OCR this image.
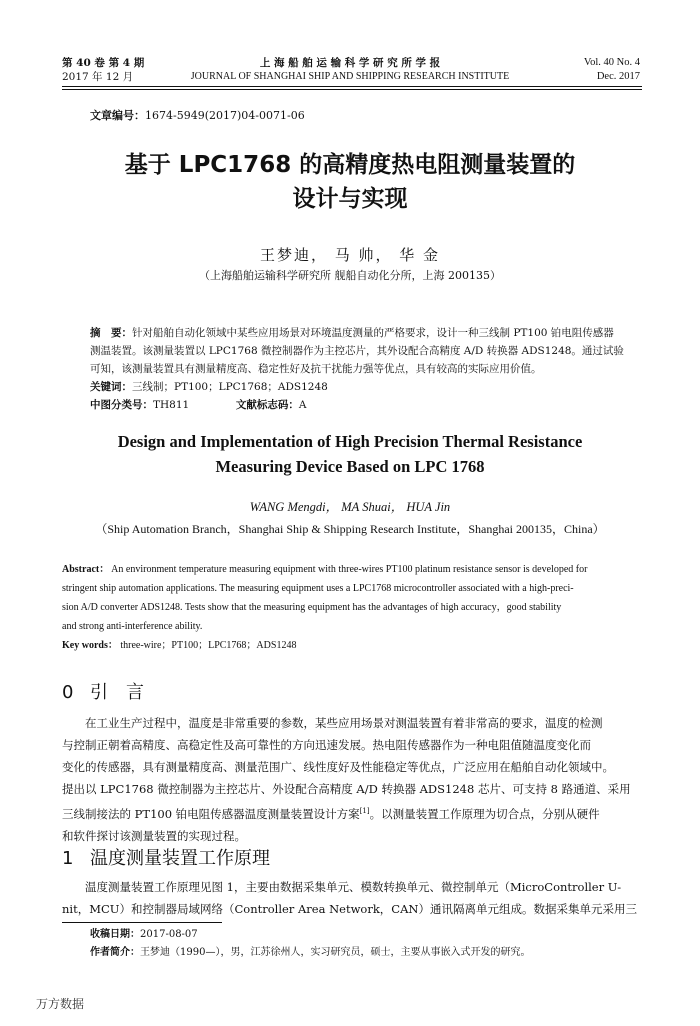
第 40 卷 第 4 期
2017 年 12 月
上 海 船 舶 运 输 科 学 研 究 所 学 报
JOURNAL OF SHANGHAI SHIP AND SHIPPING RESEARCH INSTITUTE
Vol. 40 No. 4
Dec. 2017
文章编号：1674-5949(2017)04-0071-06
基于 LPC1768 的高精度热电阻测量装置的
设计与实现
王梦迪， 马 帅， 华 金
（上海船舶运输科学研究所 舰船自动化分所，上海 200135）
摘　要：针对船舶自动化领域中某些应用场景对环境温度测量的严格要求，设计一种三线制 PT100 铂电阻传感器
测温装置。该测量装置以 LPC1768 微控制器作为主控芯片，其外设配合高精度 A/D 转换器 ADS1248。通过试验
可知，该测量装置具有测量精度高、稳定性好及抗干扰能力强等优点，具有较高的实际应用价值。
关键词：三线制；PT100；LPC1768；ADS1248
中图分类号：TH811	文献标志码：A
Design and Implementation of High Precision Thermal Resistance
Measuring Device Based on LPC 1768
WANG Mengdi， MA Shuai， HUA Jin
（Ship Automation Branch，Shanghai Ship & Shipping Research Institute，Shanghai 200135，China）
Abstract： An environment temperature measuring equipment with three-wires PT100 platinum resistance sensor is developed for
stringent ship automation applications. The measuring equipment uses a LPC1768 microcontroller associated with a high-preci-
sion A/D converter ADS1248. Tests show that the measuring equipment has the advantages of high accuracy，good stability
and strong anti-interference ability.
Key words： three-wire；PT100；LPC1768；ADS1248
0 引　言
在工业生产过程中，温度是非常重要的参数，某些应用场景对测温装置有着非常高的要求，温度的检测
与控制正朝着高精度、高稳定性及高可靠性的方向迅速发展。热电阻传感器作为一种电阻值随温度变化而
变化的传感器，具有测量精度高、测量范围广、线性度好及性能稳定等优点，广泛应用在船舶自动化领域中。
提出以 LPC1768 微控制器为主控芯片、外设配合高精度 A/D 转换器 ADS1248 芯片、可支持 8 路通道、采用
三线制接法的 PT100 铂电阻传感器温度测量装置设计方案[1]。以测量装置工作原理为切合点，分别从硬件
和软件探讨该测量装置的实现过程。
1 温度测量装置工作原理
温度测量装置工作原理见图 1，主要由数据采集单元、模数转换单元、微控制单元（MicroController U-
nit，MCU）和控制器局域网络（Controller Area Network，CAN）通讯隔离单元组成。数据采集单元采用三
收稿日期：2017-08-07
作者简介：王梦迪（1990—），男，江苏徐州人，实习研究员，硕士，主要从事嵌入式开发的研究。
万方数据
